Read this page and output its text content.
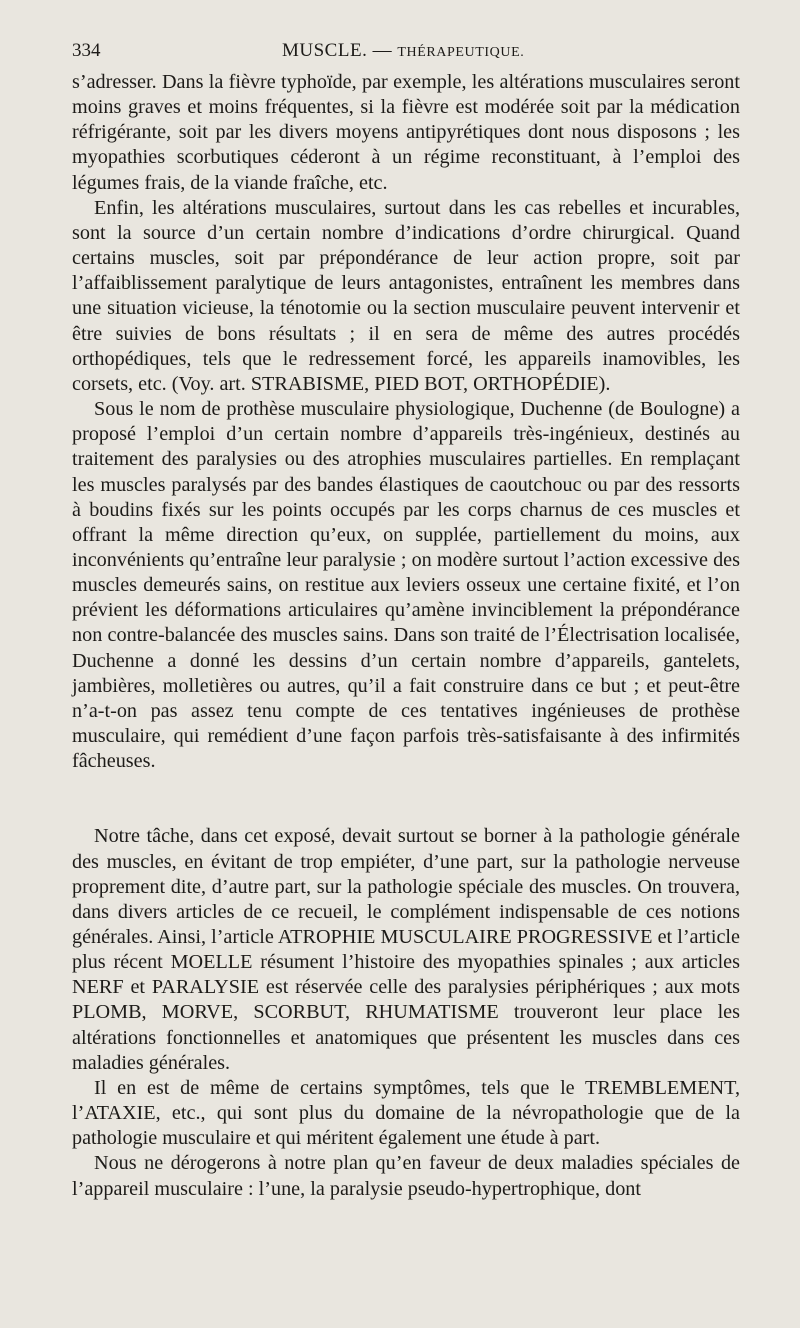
334	MUSCLE. — THÉRAPEUTIQUE.

s’adresser. Dans la fièvre typhoïde, par exemple, les altérations musculaires seront moins graves et moins fréquentes, si la fièvre est modérée soit par la médication réfrigérante, soit par les divers moyens antipyrétiques dont nous disposons ; les myopathies scorbutiques céderont à un régime reconstituant, à l’emploi des légumes frais, de la viande fraîche, etc.

Enfin, les altérations musculaires, surtout dans les cas rebelles et incurables, sont la source d’un certain nombre d’indications d’ordre chirurgical. Quand certains muscles, soit par prépondérance de leur action propre, soit par l’affaiblissement paralytique de leurs antagonistes, entraînent les membres dans une situation vicieuse, la ténotomie ou la section musculaire peuvent intervenir et être suivies de bons résultats ; il en sera de même des autres procédés orthopédiques, tels que le redressement forcé, les appareils inamovibles, les corsets, etc. (Voy. art. STRABISME, PIED BOT, ORTHOPÉDIE).

Sous le nom de prothèse musculaire physiologique, Duchenne (de Boulogne) a proposé l’emploi d’un certain nombre d’appareils très-ingénieux, destinés au traitement des paralysies ou des atrophies musculaires partielles. En remplaçant les muscles paralysés par des bandes élastiques de caoutchouc ou par des ressorts à boudins fixés sur les points occupés par les corps charnus de ces muscles et offrant la même direction qu’eux, on supplée, partiellement du moins, aux inconvénients qu’entraîne leur paralysie ; on modère surtout l’action excessive des muscles demeurés sains, on restitue aux leviers osseux une certaine fixité, et l’on prévient les déformations articulaires qu’amène invinciblement la prépondérance non contre-balancée des muscles sains. Dans son traité de l’Électrisation localisée, Duchenne a donné les dessins d’un certain nombre d’appareils, gantelets, jambières, molletières ou autres, qu’il a fait construire dans ce but ; et peut-être n’a-t-on pas assez tenu compte de ces tentatives ingénieuses de prothèse musculaire, qui remédient d’une façon parfois très-satisfaisante à des infirmités fâcheuses.

Notre tâche, dans cet exposé, devait surtout se borner à la pathologie générale des muscles, en évitant de trop empiéter, d’une part, sur la pathologie nerveuse proprement dite, d’autre part, sur la pathologie spéciale des muscles. On trouvera, dans divers articles de ce recueil, le complément indispensable de ces notions générales. Ainsi, l’article ATROPHIE MUSCULAIRE PROGRESSIVE et l’article plus récent MOELLE résument l’histoire des myopathies spinales ; aux articles NERF et PARALYSIE est réservée celle des paralysies périphériques ; aux mots PLOMB, MORVE, SCORBUT, RHUMATISME trouveront leur place les altérations fonctionnelles et anatomiques que présentent les muscles dans ces maladies générales.

Il en est de même de certains symptômes, tels que le TREMBLEMENT, l’ATAXIE, etc., qui sont plus du domaine de la névropathologie que de la pathologie musculaire et qui méritent également une étude à part.

Nous ne dérogerons à notre plan qu’en faveur de deux maladies spéciales de l’appareil musculaire : l’une, la paralysie pseudo-hypertrophique, dont
